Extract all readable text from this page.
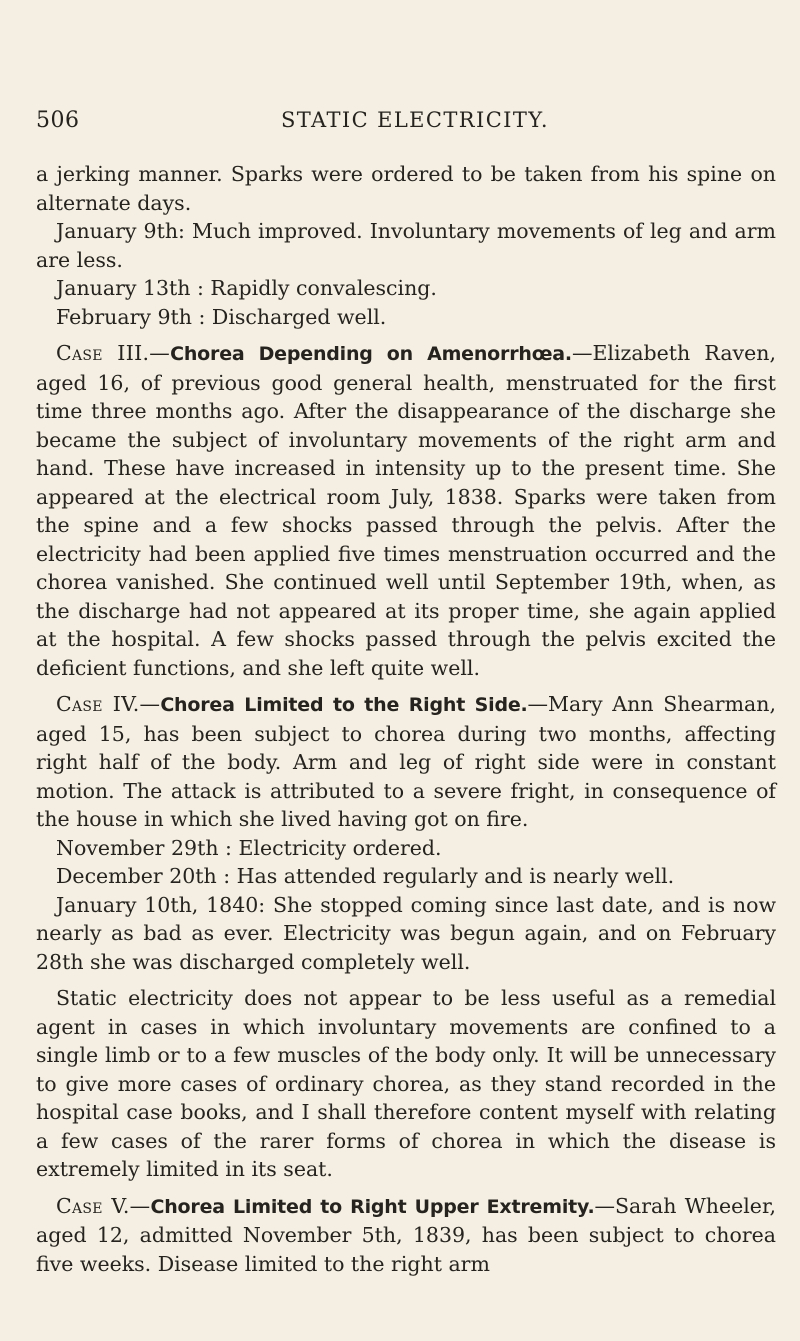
506	STATIC ELECTRICITY.

a jerking manner. Sparks were ordered to be taken from his spine on alternate days.

January 9th: Much improved. Involuntary movements of leg and arm are less.

January 13th : Rapidly convalescing.

February 9th : Discharged well.

Case III.—Chorea Depending on Amenorrhœa.—Elizabeth Raven, aged 16, of previous good general health, menstruated for the first time three months ago. After the disappearance of the discharge she became the subject of involuntary movements of the right arm and hand. These have increased in intensity up to the present time. She appeared at the electrical room July, 1838. Sparks were taken from the spine and a few shocks passed through the pelvis. After the electricity had been applied five times menstruation occurred and the chorea vanished. She continued well until September 19th, when, as the discharge had not appeared at its proper time, she again applied at the hospital. A few shocks passed through the pelvis excited the deficient functions, and she left quite well.

Case IV.—Chorea Limited to the Right Side.—Mary Ann Shearman, aged 15, has been subject to chorea during two months, affecting right half of the body. Arm and leg of right side were in constant motion. The attack is attributed to a severe fright, in consequence of the house in which she lived having got on fire.

November 29th : Electricity ordered.

December 20th : Has attended regularly and is nearly well.

January 10th, 1840: She stopped coming since last date, and is now nearly as bad as ever. Electricity was begun again, and on February 28th she was discharged completely well.

Static electricity does not appear to be less useful as a remedial agent in cases in which involuntary movements are confined to a single limb or to a few muscles of the body only. It will be unnecessary to give more cases of ordinary chorea, as they stand recorded in the hospital case books, and I shall therefore content myself with relating a few cases of the rarer forms of chorea in which the disease is extremely limited in its seat.

Case V.—Chorea Limited to Right Upper Extremity.—Sarah Wheeler, aged 12, admitted November 5th, 1839, has been subject to chorea five weeks. Disease limited to the right arm
